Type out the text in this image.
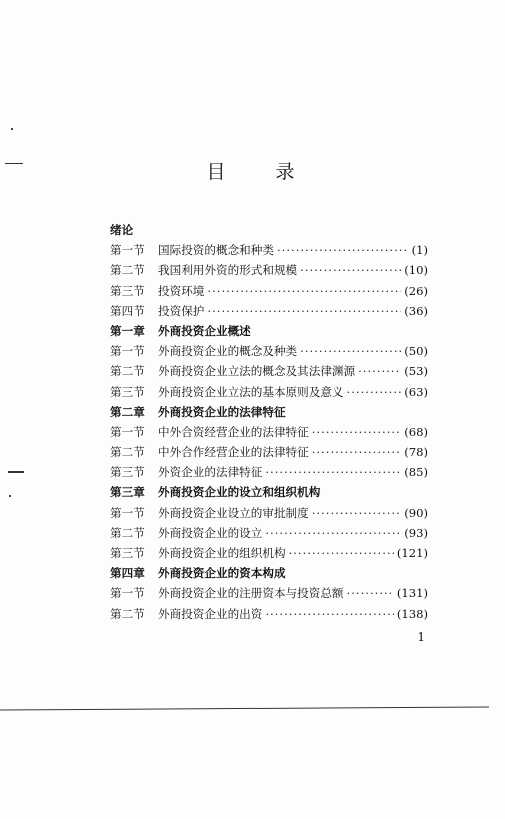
目 录
绪论
第一节	国际投资的概念和种类 ·····	(1)
第二节	我国利用外资的形式和规模 ·····	(10)
第三节	投资环境 ·····	(26)
第四节	投资保护 ·····	(36)
第一章	外商投资企业概述
第一节	外商投资企业的概念及种类 ·····	(50)
第二节	外商投资企业立法的概念及其法律渊源 ·····	(53)
第三节	外商投资企业立法的基本原则及意义 ·····	(63)
第二章	外商投资企业的法律特征
第一节	中外合资经营企业的法律特征 ·····	(68)
第二节	中外合作经营企业的法律特征 ·····	(78)
第三节	外资企业的法律特征 ·····	(85)
第三章	外商投资企业的设立和组织机构
第一节	外商投资企业设立的审批制度 ·····	(90)
第二节	外商投资企业的设立 ·····	(93)
第三节	外商投资企业的组织机构 ·····	(121)
第四章	外商投资企业的资本构成
第一节	外商投资企业的注册资本与投资总额 ·····	(131)
第二节	外商投资企业的出资 ·····	(138)
1
